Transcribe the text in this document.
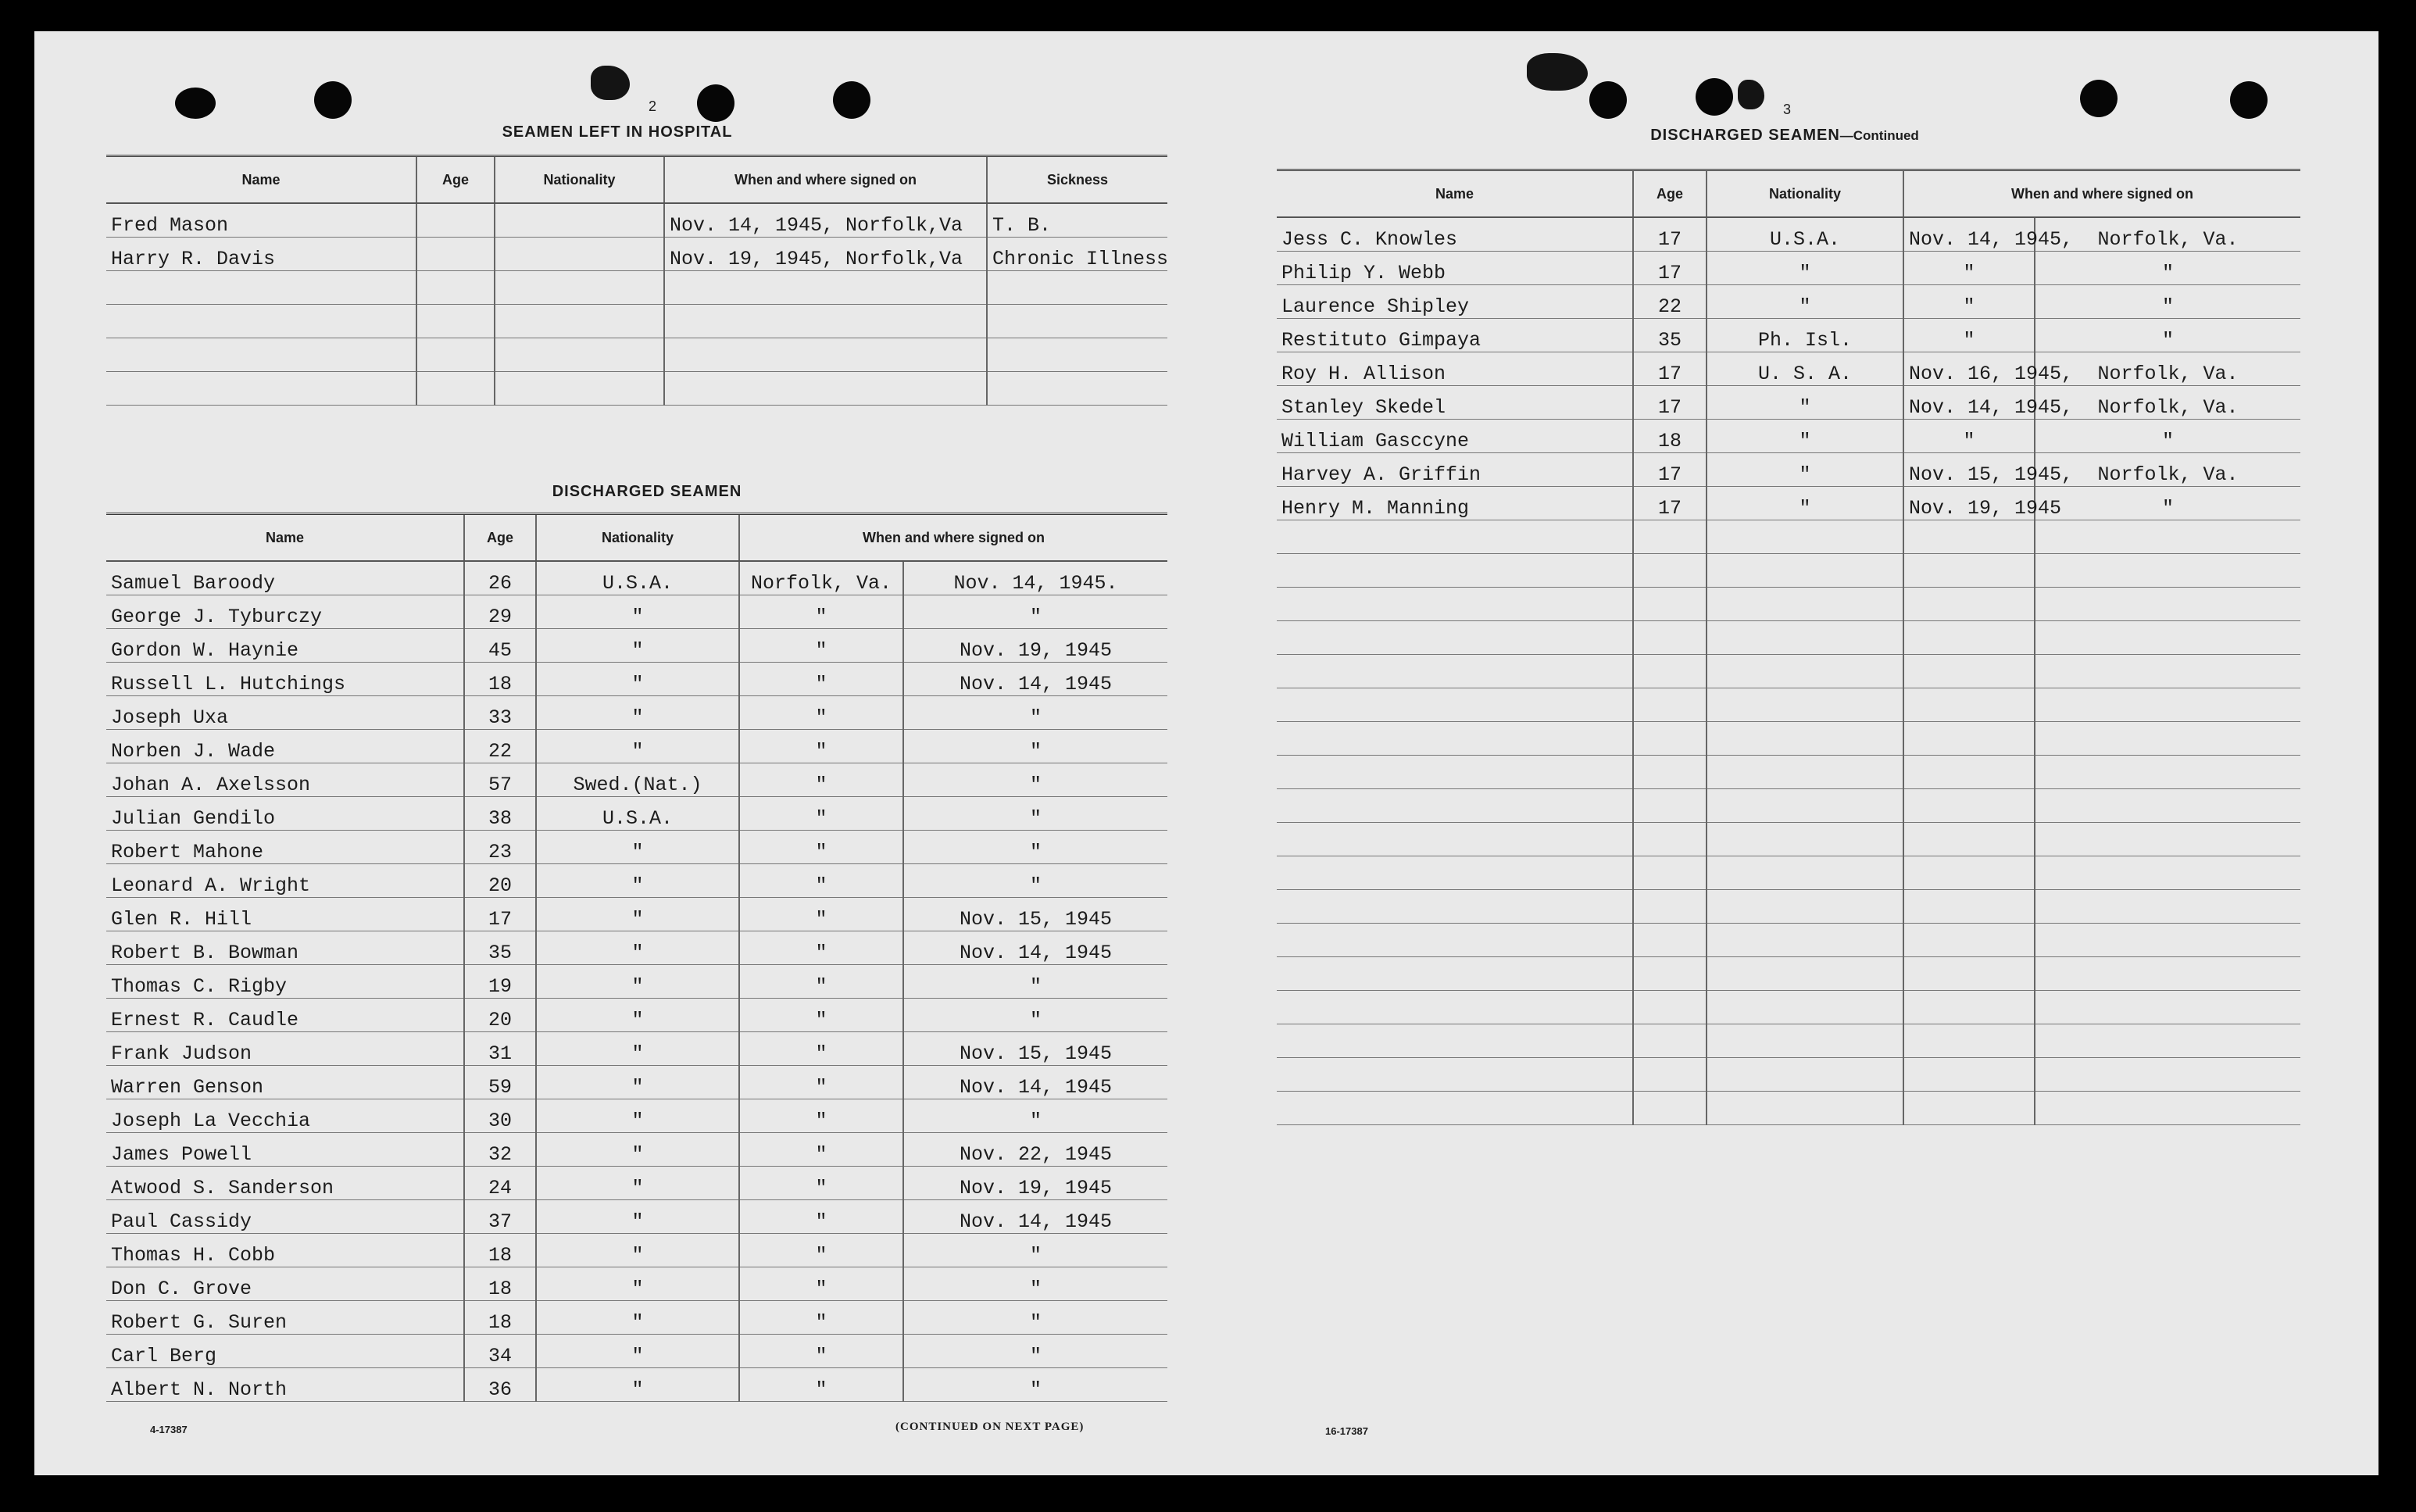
2
SEAMEN LEFT IN HOSPITAL
Name	Age	Nationality	When and where signed on	Sickness
Fred Mason			Nov. 14, 1945, Norfolk,Va	T. B.
Harry R. Davis			Nov. 19, 1945, Norfolk,Va	Chronic Illness

DISCHARGED SEAMEN
Name	Age	Nationality	When and where signed on	
Samuel Baroody	26	U.S.A.	Norfolk, Va.	Nov. 14, 1945.
George J. Tyburczy	29	"	"	"
Gordon W. Haynie	45	"	"	Nov. 19, 1945
Russell L. Hutchings	18	"	"	Nov. 14, 1945
Joseph Uxa	33	"	"	"
Norben J. Wade	22	"	"	"
Johan A. Axelsson	57	Swed.(Nat.)	"	"
Julian Gendilo	38	U.S.A.	"	"
Robert Mahone	23	"	"	"
Leonard A. Wright	20	"	"	"
Glen R. Hill	17	"	"	Nov. 15, 1945
Robert B. Bowman	35	"	"	Nov. 14, 1945
Thomas C. Rigby	19	"	"	"
Ernest R. Caudle	20	"	"	"
Frank Judson	31	"	"	Nov. 15, 1945
Warren Genson	59	"	"	Nov. 14, 1945
Joseph La Vecchia	30	"	"	"
James Powell	32	"	"	Nov. 22, 1945
Atwood S. Sanderson	24	"	"	Nov. 19, 1945
Paul Cassidy	37	"	"	Nov. 14, 1945
Thomas H. Cobb	18	"	"	"
Don C. Grove	18	"	"	"
Robert G. Suren	18	"	"	"
Carl Berg	34	"	"	"
Albert N. North	36	"	"	"
4-17387	(CONTINUED ON NEXT PAGE)
3
DISCHARGED SEAMEN—Continued
Name	Age	Nationality	When and where signed on	
Jess C. Knowles	17	U.S.A.	Nov. 14, 1945,	Norfolk, Va.
Philip Y. Webb	17	"	"	"
Laurence Shipley	22	"	"	"
Restituto Gimpaya	35	Ph. Isl.	"	"
Roy H. Allison	17	U. S. A.	Nov. 16, 1945,	Norfolk, Va.
Stanley Skedel	17	"	Nov. 14, 1945,	Norfolk, Va.
William Gasccyne	18	"	"	"
Harvey A. Griffin	17	"	Nov. 15, 1945,	Norfolk, Va.
Henry M. Manning	17	"	Nov. 19, 1945	"

16-17387
